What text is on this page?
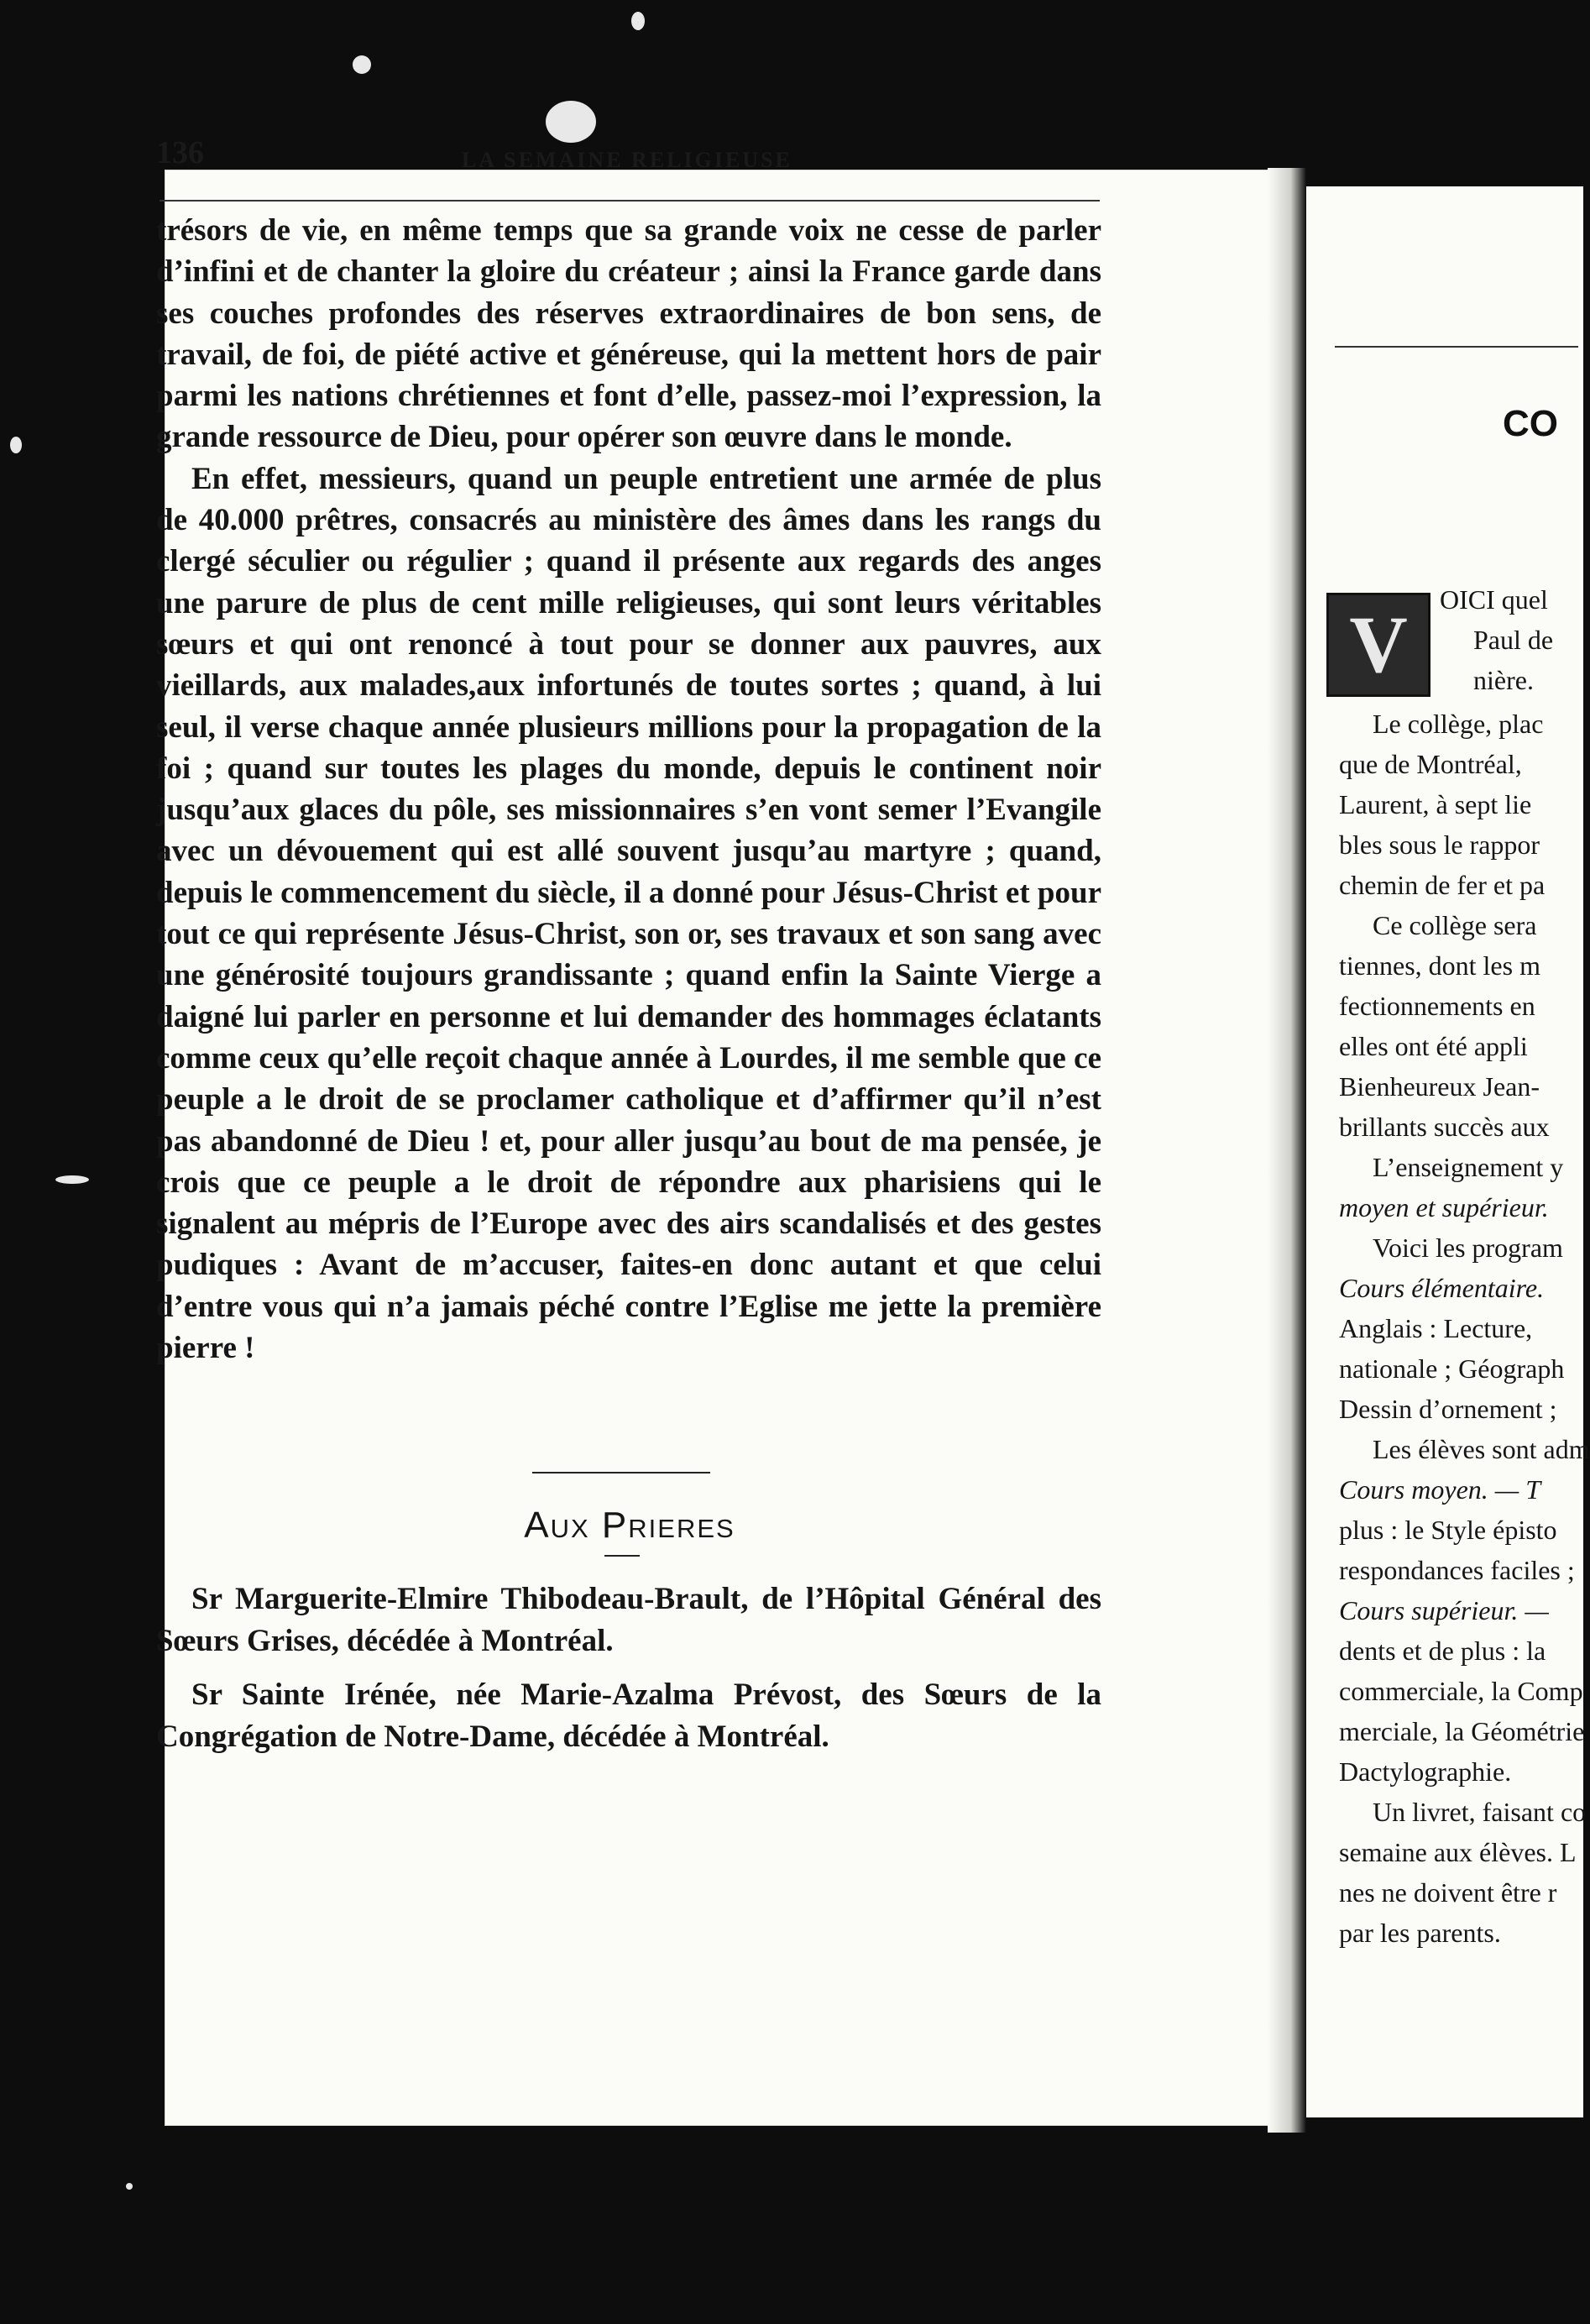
136	LA SEMAINE RELIGIEUSE

trésors de vie, en même temps que sa grande voix ne cesse de parler d’infini et de chanter la gloire du créateur ; ainsi la France garde dans ses couches profondes des réserves extraordinaires de bon sens, de travail, de foi, de piété active et généreuse, qui la mettent hors de pair parmi les nations chrétiennes et font d’elle, passez-moi l’expression, la grande ressource de Dieu, pour opérer son œuvre dans le monde.

En effet, messieurs, quand un peuple entretient une armée de plus de 40.000 prêtres, consacrés au ministère des âmes dans les rangs du clergé séculier ou régulier ; quand il présente aux regards des anges une parure de plus de cent mille religieuses, qui sont leurs véritables sœurs et qui ont renoncé à tout pour se donner aux pauvres, aux vieillards, aux malades,aux infortunés de toutes sortes ; quand, à lui seul, il verse chaque année plusieurs millions pour la propagation de la foi ; quand sur toutes les plages du monde, depuis le continent noir jusqu’aux glaces du pôle, ses missionnaires s’en vont semer l’Evangile avec un dévouement qui est allé souvent jusqu’au martyre ; quand, depuis le commencement du siècle, il a donné pour Jésus-Christ et pour tout ce qui représente Jésus-Christ, son or, ses travaux et son sang avec une générosité toujours grandissante ; quand enfin la Sainte Vierge a daigné lui parler en personne et lui demander des hommages éclatants comme ceux qu’elle reçoit chaque année à Lourdes, il me semble que ce peuple a le droit de se proclamer catholique et d’affirmer qu’il n’est pas abandonné de Dieu ! et, pour aller jusqu’au bout de ma pensée, je crois que ce peuple a le droit de répondre aux pharisiens qui le signalent au mépris de l’Europe avec des airs scandalisés et des gestes pudiques : Avant de m’accuser, faites-en donc autant et que celui d’entre vous qui n’a jamais péché contre l’Eglise me jette la première pierre !

Aux Prieres

Sr Marguerite-Elmire Thibodeau-Brault, de l’Hôpital Général des Sœurs Grises, décédée à Montréal.

Sr Sainte Irénée, née Marie-Azalma Prévost, des Sœurs de la Congrégation de Notre-Dame, décédée à Montréal.

CO
V	OICI quel
Paul de
nière.
Le collège, plac
que de Montréal,
Laurent, à sept lie
bles sous le rappor
chemin de fer et pa
Ce collège sera
tiennes, dont les m
fectionnements en
elles ont été appli
Bienheureux Jean-
brillants succès aux
L’enseignement y
moyen et supérieur.
Voici les program
Cours élémentaire.
Anglais : Lecture,
nationale ; Géograph
Dessin d’ornement ;
Les élèves sont adm
Cours moyen. — T
plus : le Style épisto
respondances faciles ;
Cours supérieur. —
dents et de plus : la
commerciale, la Comp
merciale, la Géométrie
Dactylographie.
Un livret, faisant co
semaine aux élèves. L
nes ne doivent être r
par les parents.
